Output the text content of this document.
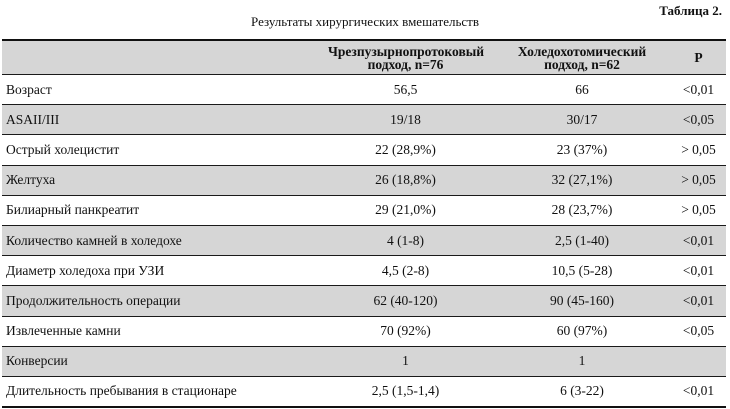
Таблица 2.
Результаты хирургических вмешательств
	Чрезпузырнопротоковый подход, n=76	Холедохотомический подход, n=62	P
Возраст	56,5	66	<0,01
ASAII/III	19/18	30/17	<0,05
Острый холецистит	22 (28,9%)	23 (37%)	> 0,05
Желтуха	26 (18,8%)	32 (27,1%)	> 0,05
Билиарный панкреатит	29 (21,0%)	28 (23,7%)	> 0,05
Количество камней в холедохе	4 (1-8)	2,5 (1-40)	<0,01
Диаметр холедоха при УЗИ	4,5 (2-8)	10,5 (5-28)	<0,01
Продолжительность операции	62 (40-120)	90 (45-160)	<0,01
Извлеченные камни	70 (92%)	60 (97%)	<0,05
Конверсии	1	1	
Длительность пребывания в стационаре	2,5 (1,5-1,4)	6 (3-22)	<0,01
